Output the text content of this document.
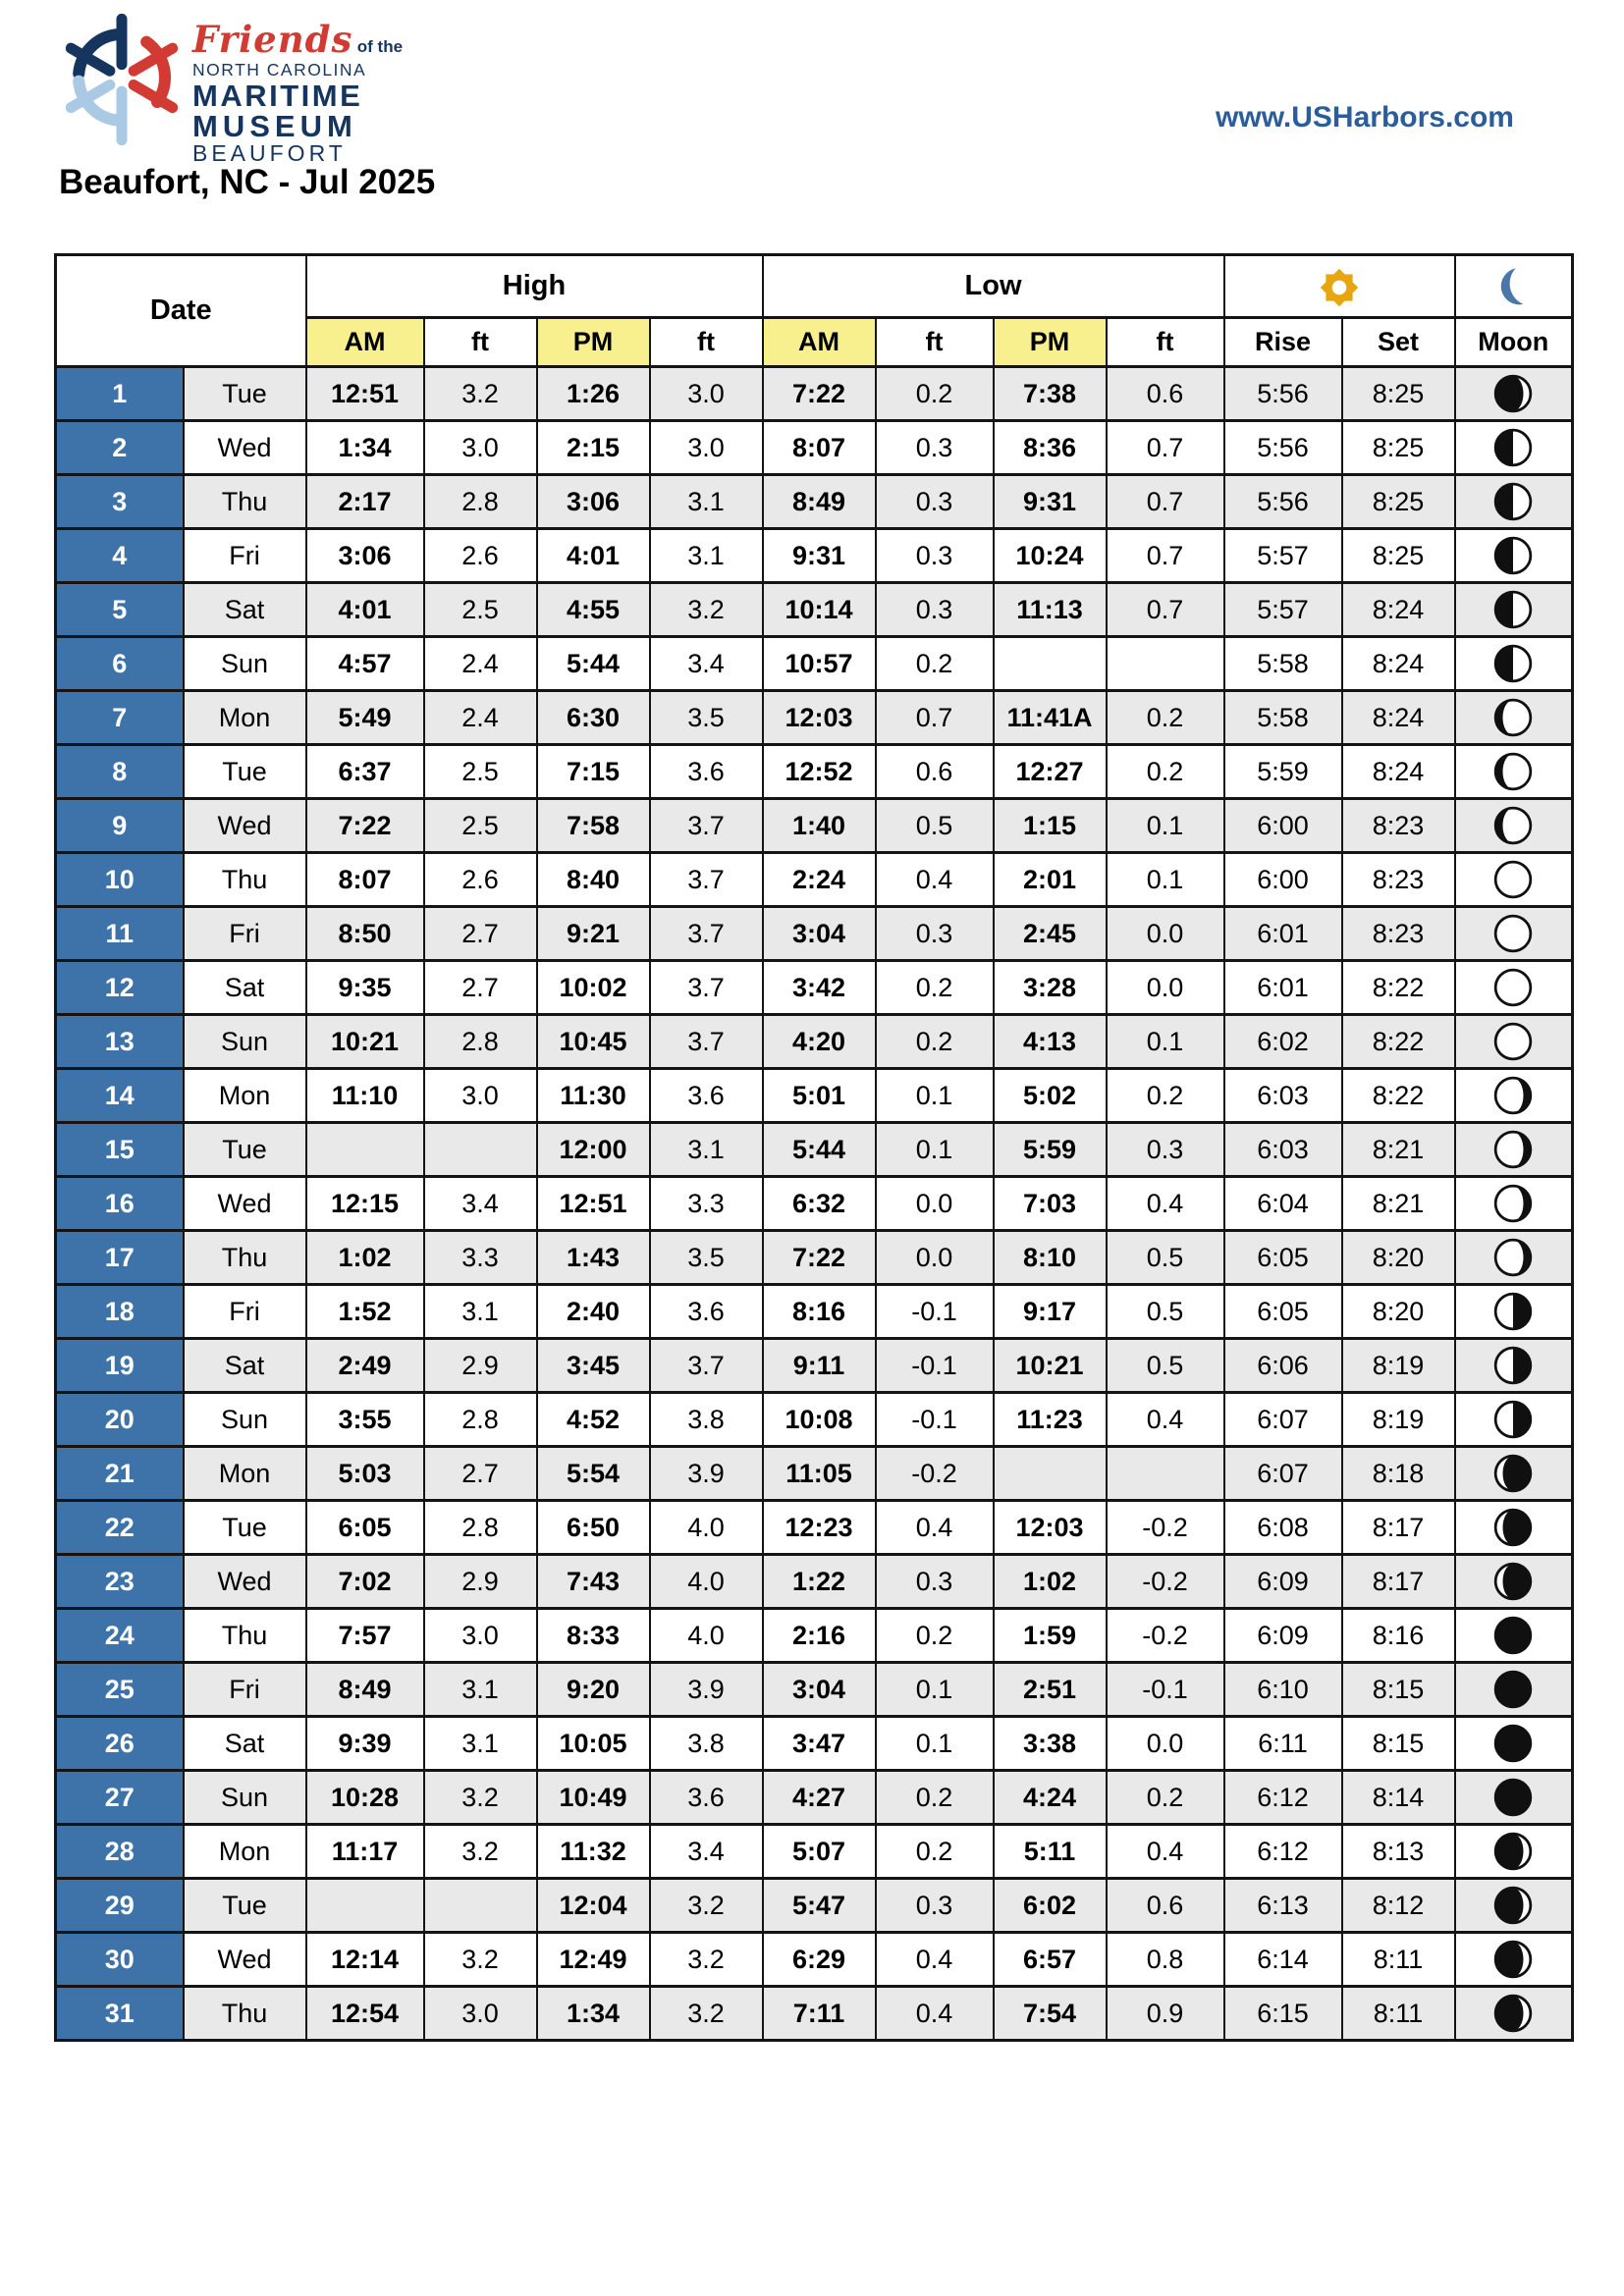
Friends of the
NORTH CAROLINA
MARITIME
MUSEUM
BEAUFORT
www.USHarbors.com
Beaufort, NC - Jul 2025
Date		High				Low	

		AM	ft	PM	ft	AM	ft	PM	ft	Rise	Set	Moon
1	Tue	12:51	3.2	1:26	3.0	7:22	0.2	7:38	0.6	5:56	8:25	

2	Wed	1:34	3.0	2:15	3.0	8:07	0.3	8:36	0.7	5:56	8:25	

3	Thu	2:17	2.8	3:06	3.1	8:49	0.3	9:31	0.7	5:56	8:25	

4	Fri	3:06	2.6	4:01	3.1	9:31	0.3	10:24	0.7	5:57	8:25	

5	Sat	4:01	2.5	4:55	3.2	10:14	0.3	11:13	0.7	5:57	8:24	

6	Sun	4:57	2.4	5:44	3.4	10:57	0.2			5:58	8:24	

7	Mon	5:49	2.4	6:30	3.5	12:03	0.7	11:41A	0.2	5:58	8:24	

8	Tue	6:37	2.5	7:15	3.6	12:52	0.6	12:27	0.2	5:59	8:24	

9	Wed	7:22	2.5	7:58	3.7	1:40	0.5	1:15	0.1	6:00	8:23	

10	Thu	8:07	2.6	8:40	3.7	2:24	0.4	2:01	0.1	6:00	8:23	

11	Fri	8:50	2.7	9:21	3.7	3:04	0.3	2:45	0.0	6:01	8:23	

12	Sat	9:35	2.7	10:02	3.7	3:42	0.2	3:28	0.0	6:01	8:22	

13	Sun	10:21	2.8	10:45	3.7	4:20	0.2	4:13	0.1	6:02	8:22	

14	Mon	11:10	3.0	11:30	3.6	5:01	0.1	5:02	0.2	6:03	8:22	

15	Tue			12:00	3.1	5:44	0.1	5:59	0.3	6:03	8:21	

16	Wed	12:15	3.4	12:51	3.3	6:32	0.0	7:03	0.4	6:04	8:21	

17	Thu	1:02	3.3	1:43	3.5	7:22	0.0	8:10	0.5	6:05	8:20	

18	Fri	1:52	3.1	2:40	3.6	8:16	-0.1	9:17	0.5	6:05	8:20	

19	Sat	2:49	2.9	3:45	3.7	9:11	-0.1	10:21	0.5	6:06	8:19	

20	Sun	3:55	2.8	4:52	3.8	10:08	-0.1	11:23	0.4	6:07	8:19	

21	Mon	5:03	2.7	5:54	3.9	11:05	-0.2			6:07	8:18	

22	Tue	6:05	2.8	6:50	4.0	12:23	0.4	12:03	-0.2	6:08	8:17	

23	Wed	7:02	2.9	7:43	4.0	1:22	0.3	1:02	-0.2	6:09	8:17	

24	Thu	7:57	3.0	8:33	4.0	2:16	0.2	1:59	-0.2	6:09	8:16	

25	Fri	8:49	3.1	9:20	3.9	3:04	0.1	2:51	-0.1	6:10	8:15	

26	Sat	9:39	3.1	10:05	3.8	3:47	0.1	3:38	0.0	6:11	8:15	

27	Sun	10:28	3.2	10:49	3.6	4:27	0.2	4:24	0.2	6:12	8:14	

28	Mon	11:17	3.2	11:32	3.4	5:07	0.2	5:11	0.4	6:12	8:13	

29	Tue			12:04	3.2	5:47	0.3	6:02	0.6	6:13	8:12	

30	Wed	12:14	3.2	12:49	3.2	6:29	0.4	6:57	0.8	6:14	8:11	

31	Thu	12:54	3.0	1:34	3.2	7:11	0.4	7:54	0.9	6:15	8:11	
